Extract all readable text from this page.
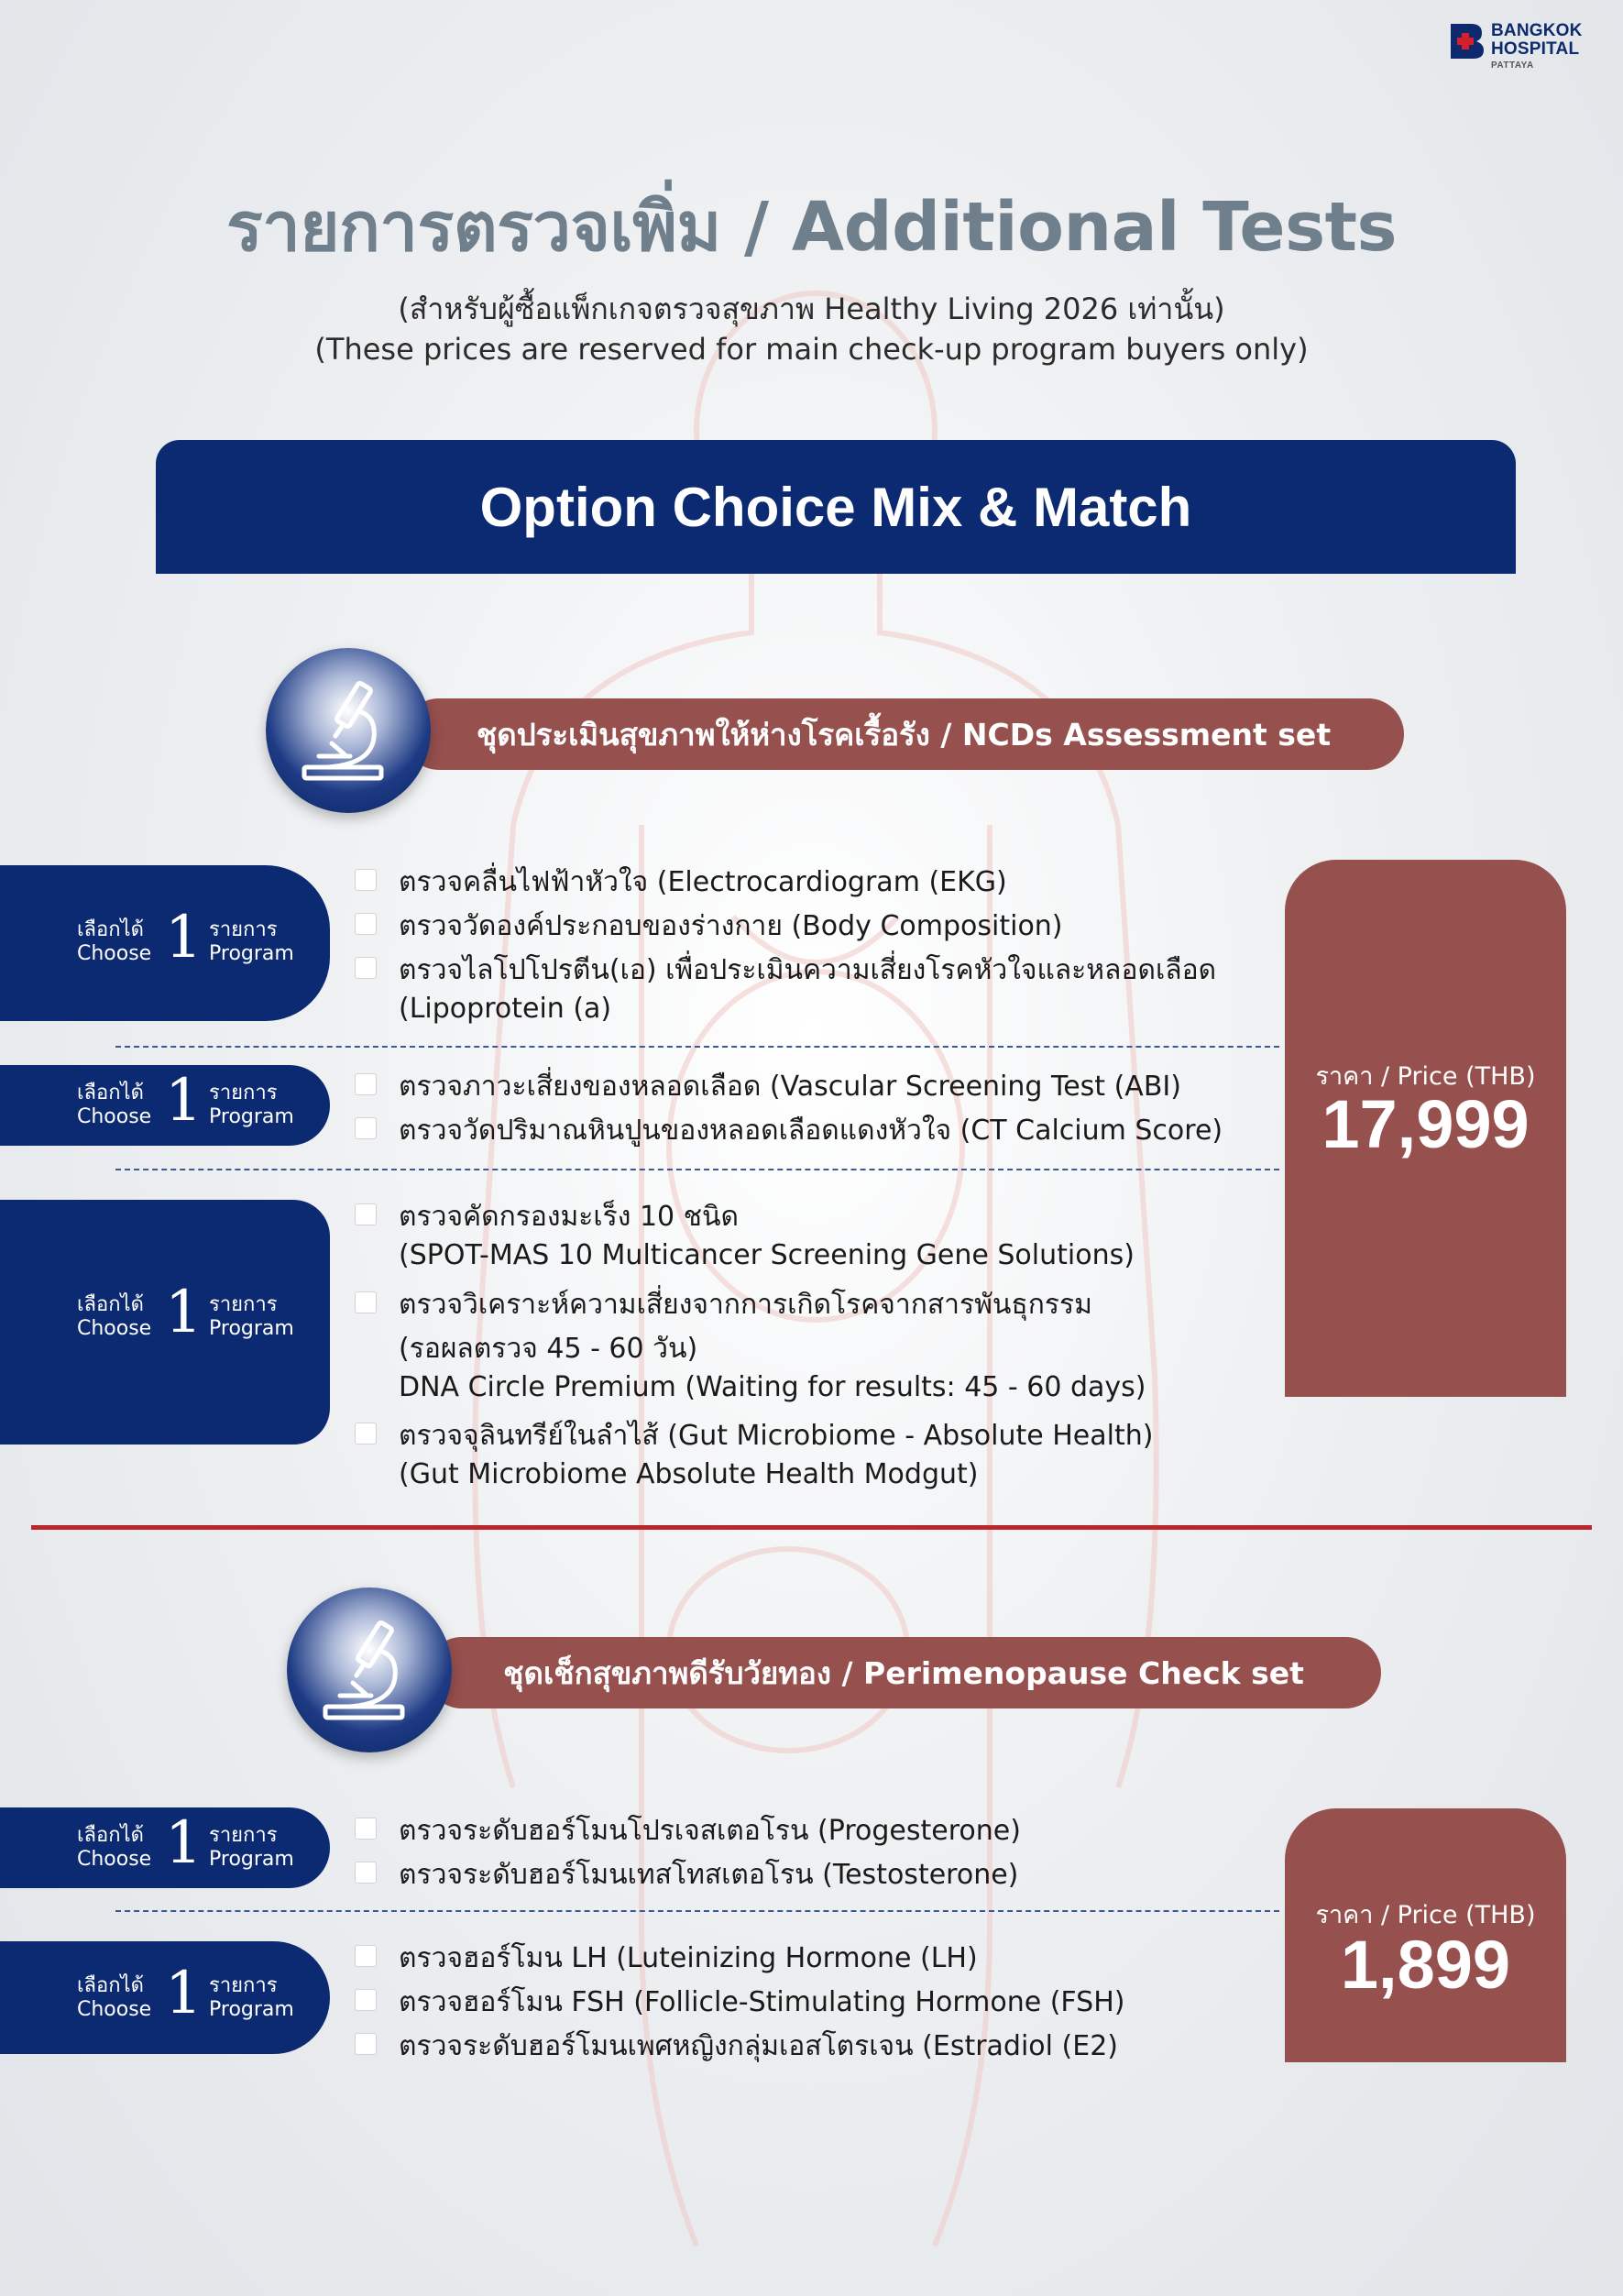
BANGKOK
HOSPITAL
PATTAYA
รายการตรวจเพิ่ม / Additional Tests
(สำหรับผู้ซื้อแพ็กเกจตรวจสุขภาพ Healthy Living 2026 เท่านั้น)
(These prices are reserved for main check-up program buyers only)
Option Choice Mix & Match
ชุดประเมินสุขภาพให้ห่างโรคเรื้อรัง / NCDs Assessment set
เลือกได้
Choose 1 รายการ
Program
ตรวจคลื่นไฟฟ้าหัวใจ (Electrocardiogram (EKG)
ตรวจวัดองค์ประกอบของร่างกาย (Body Composition)
ตรวจไลโปโปรตีน(เอ) เพื่อประเมินความเสี่ยงโรคหัวใจและหลอดเลือด
(Lipoprotein (a)
เลือกได้
Choose 1 รายการ
Program
ตรวจภาวะเสี่ยงของหลอดเลือด (Vascular Screening Test (ABI)
ตรวจวัดปริมาณหินปูนของหลอดเลือดแดงหัวใจ (CT Calcium Score)
เลือกได้
Choose 1 รายการ
Program
ตรวจคัดกรองมะเร็ง 10 ชนิด
(SPOT-MAS 10 Multicancer Screening Gene Solutions)
ตรวจวิเคราะห์ความเสี่ยงจากการเกิดโรคจากสารพันธุกรรม
(รอผลตรวจ 45 - 60 วัน)
DNA Circle Premium (Waiting for results: 45 - 60 days)
ตรวจจุลินทรีย์ในลำไส้ (Gut Microbiome - Absolute Health)
(Gut Microbiome Absolute Health Modgut)
ราคา / Price (THB)
17,999
ชุดเช็กสุขภาพดีรับวัยทอง / Perimenopause Check set
เลือกได้
Choose 1 รายการ
Program
ตรวจระดับฮอร์โมนโปรเจสเตอโรน (Progesterone)
ตรวจระดับฮอร์โมนเทสโทสเตอโรน (Testosterone)
เลือกได้
Choose 1 รายการ
Program
ตรวจฮอร์โมน LH (Luteinizing Hormone (LH)
ตรวจฮอร์โมน FSH (Follicle-Stimulating Hormone (FSH)
ตรวจระดับฮอร์โมนเพศหญิงกลุ่มเอสโตรเจน (Estradiol (E2)
ราคา / Price (THB)
1,899
